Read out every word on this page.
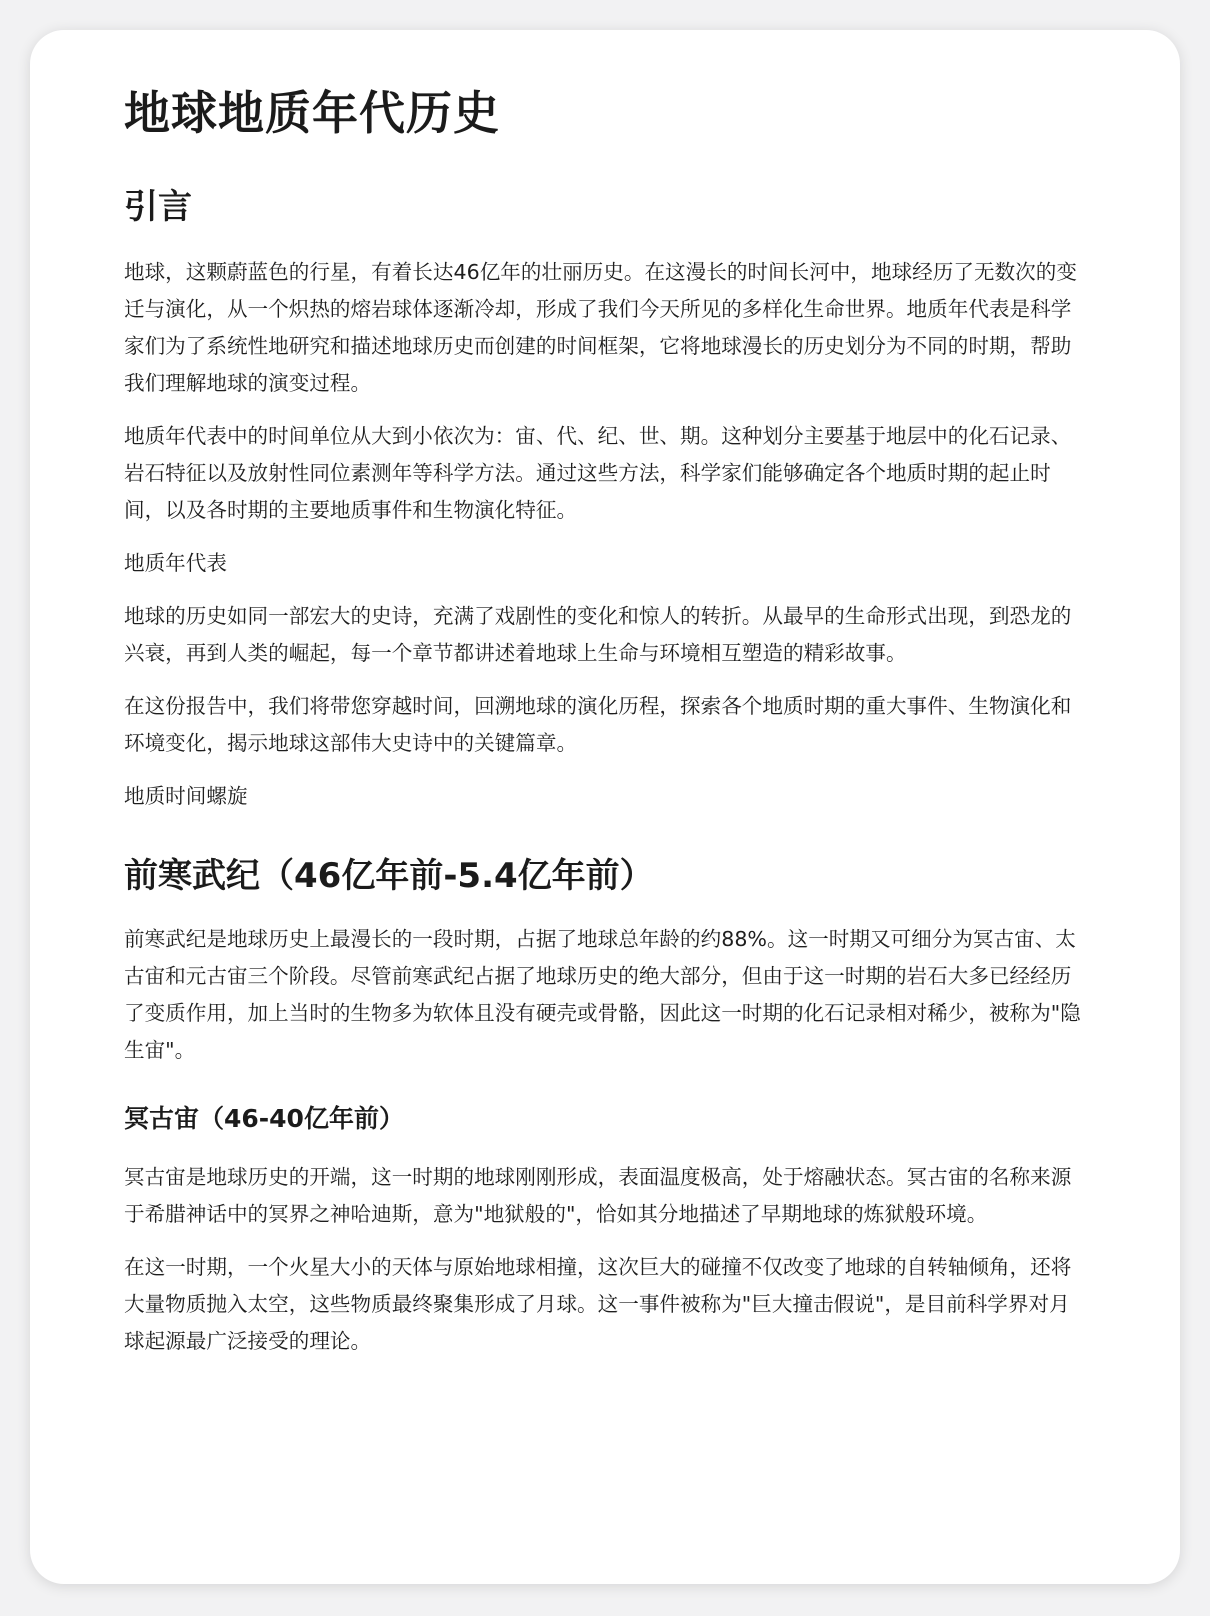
地球地质年代历史
引言

地球，这颗蔚蓝色的行星，有着长达46亿年的壮丽历史。在这漫长的时间长河中，地球经历了无数次的变迁与演化，从一个炽热的熔岩球体逐渐冷却，形成了我们今天所见的多样化生命世界。地质年代表是科学家们为了系统性地研究和描述地球历史而创建的时间框架，它将地球漫长的历史划分为不同的时期，帮助我们理解地球的演变过程。

地质年代表中的时间单位从大到小依次为：宙、代、纪、世、期。这种划分主要基于地层中的化石记录、岩石特征以及放射性同位素测年等科学方法。通过这些方法，科学家们能够确定各个地质时期的起止时间，以及各时期的主要地质事件和生物演化特征。

地质年代表

地球的历史如同一部宏大的史诗，充满了戏剧性的变化和惊人的转折。从最早的生命形式出现，到恐龙的兴衰，再到人类的崛起，每一个章节都讲述着地球上生命与环境相互塑造的精彩故事。

在这份报告中，我们将带您穿越时间，回溯地球的演化历程，探索各个地质时期的重大事件、生物演化和环境变化，揭示地球这部伟大史诗中的关键篇章。

地质时间螺旋
前寒武纪（46亿年前-5.4亿年前）

前寒武纪是地球历史上最漫长的一段时期，占据了地球总年龄的约88%。这一时期又可细分为冥古宙、太古宙和元古宙三个阶段。尽管前寒武纪占据了地球历史的绝大部分，但由于这一时期的岩石大多已经经历了变质作用，加上当时的生物多为软体且没有硬壳或骨骼，因此这一时期的化石记录相对稀少，被称为"隐生宙"。

冥古宙（46-40亿年前）

冥古宙是地球历史的开端，这一时期的地球刚刚形成，表面温度极高，处于熔融状态。冥古宙的名称来源于希腊神话中的冥界之神哈迪斯，意为"地狱般的"，恰如其分地描述了早期地球的炼狱般环境。

在这一时期，一个火星大小的天体与原始地球相撞，这次巨大的碰撞不仅改变了地球的自转轴倾角，还将大量物质抛入太空，这些物质最终聚集形成了月球。这一事件被称为"巨大撞击假说"，是目前科学界对月球起源最广泛接受的理论。
